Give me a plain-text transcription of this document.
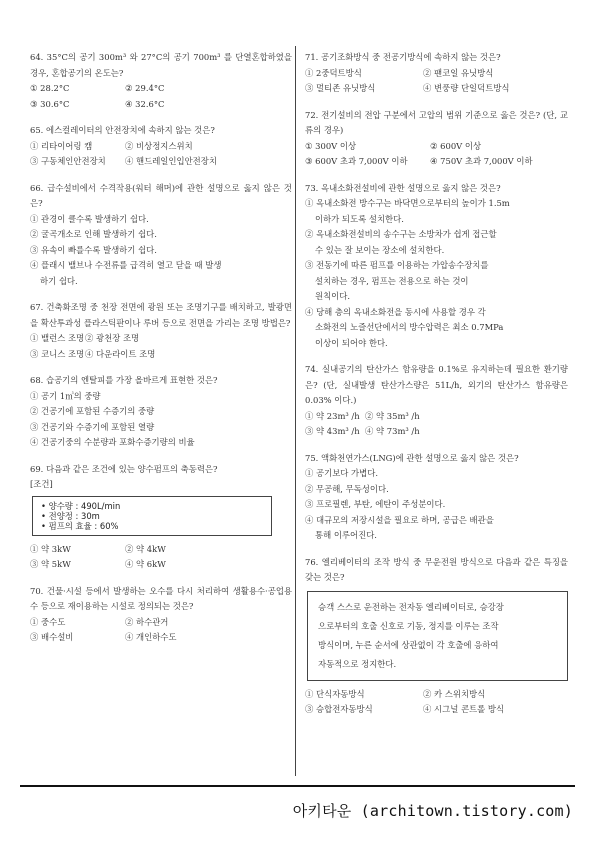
64. 35°C의 공기 300m³ 와 27°C의 공기 700m³ 를 단열혼합하였을 경우, 혼합공기의 온도는?
① 28.2°C	② 29.4°C
③ 30.6°C	④ 32.6°C
65. 에스컬레이터의 안전장치에 속하지 않는 것은?
① 리타이어링 캠	② 비상정지스위치
③ 구동체인안전장치	④ 핸드레일인입안전장치
66. 급수설비에서 수격작용(워터 해머)에 관한 설명으로 옳지 않은 것은?
① 관경이 클수록 발생하기 쉽다.
② 굴곡개소로 인해 발생하기 쉽다.
③ 유속이 빠를수록 발생하기 쉽다.
④ 플래시 밸브나 수전류를 급격히 열고 닫을 때 발생
하기 쉽다.
67. 건축화조명 중 천장 전면에 광원 또는 조명기구를 배치하고, 발광면을 확산투과성 플라스틱판이나 루버 등으로 전면을 가리는 조명 방법은?
① 밸런스 조명 ② 광천장 조명
③ 코니스 조명 ④ 다운라이트 조명
68. 습공기의 엔탈피를 가장 올바르게 표현한 것은?
① 공기 1㎥의 중량
② 건공기에 포함된 수증기의 중량
③ 건공기와 수증기에 포함된 열량
④ 건공기중의 수분량과 포화수증기량의 비율
69. 다음과 같은 조건에 있는 양수펌프의 축동력은?
[조건]
• 양수량 : 490L/min
• 전양정 : 30m
• 펌프의 효율 : 60%
① 약 3kW	② 약 4kW
③ 약 5kW	④ 약 6kW
70. 건물·시설 등에서 발생하는 오수를 다시 처리하여 생활용수·공업용수 등으로 재이용하는 시설로 정의되는 것은?
① 중수도	② 하수관거
③ 배수설비	④ 개인하수도
71. 공기조화방식 중 전공기방식에 속하지 않는 것은?
① 2중덕트방식	② 팬코일 유닛방식
③ 멀티존 유닛방식	④ 변풍량 단일덕트방식
72. 전기설비의 전압 구분에서 고압의 범위 기준으로 옳은 것은? (단, 교류의 경우)
① 300V 이상	② 600V 이상
③ 600V 초과 7,000V 이하	④ 750V 초과 7,000V 이하
73. 옥내소화전설비에 관한 설명으로 옳지 않은 것은?
① 옥내소화전 방수구는 바닥면으로부터의 높이가 1.5m
이하가 되도록 설치한다.
② 옥내소화전설비의 송수구는 소방차가 쉽게 접근할
수 있는 잘 보이는 장소에 설치한다.
③ 전동기에 따른 펌프를 이용하는 가압송수장치를
설치하는 경우, 펌프는 전용으로 하는 것이
원칙이다.
④ 당해 층의 옥내소화전을 동시에 사용할 경우 각
소화전의 노즐선단에서의 방수압력은 최소 0.7MPa
이상이 되어야 한다.
74. 실내공기의 탄산가스 함유량을 0.1%로 유지하는데 필요한 환기량은? (단, 실내발생 탄산가스량은 51L/h, 외기의 탄산가스 함유량은 0.03% 이다.)
① 약 23m³ /h ② 약 35m³ /h
③ 약 43m³ /h ④ 약 73m³ /h
75. 액화천연가스(LNG)에 관한 설명으로 옳지 않은 것은?
① 공기보다 가볍다.
② 무공해, 무독성이다.
③ 프로필렌, 부탄, 에탄이 주성분이다.
④ 대규모의 저장시설을 필요로 하며, 공급은 배관을
통해 이루어진다.
76. 엘리베이터의 조작 방식 중 무운전원 방식으로 다음과 같은 특징을 갖는 것은?
승객 스스로 운전하는 전자동 엘리베이터로, 승강장
으로부터의 호출 신호로 기동, 정지를 이루는 조작
방식이며, 누른 순서에 상관없이 각 호출에 응하여
자동적으로 정지한다.
① 단식자동방식	② 카 스위치방식
③ 승합전자동방식	④ 시그널 콘트롤 방식
아키타운 (architown.tistory.com)
